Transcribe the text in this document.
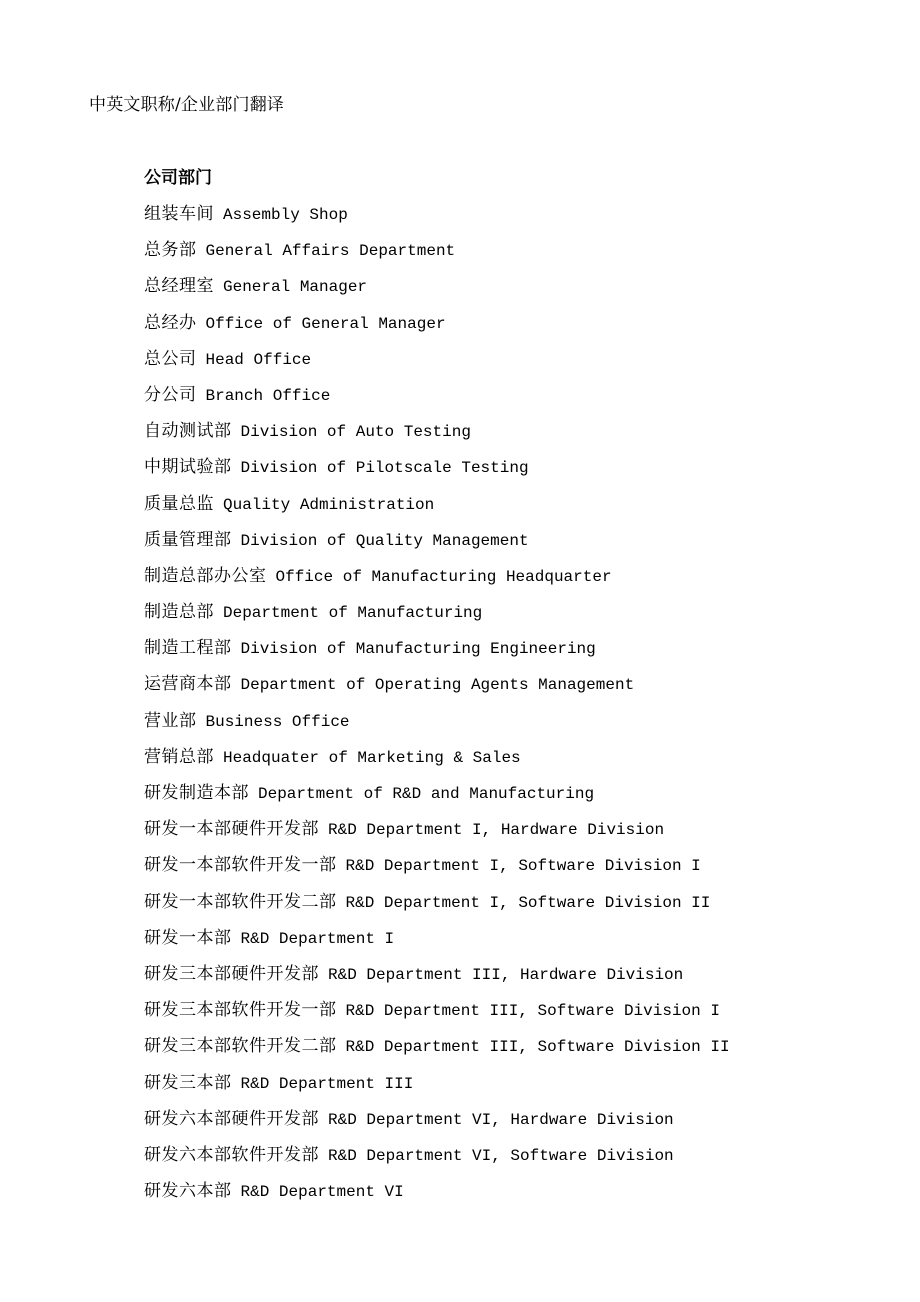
中英文职称/企业部门翻译
公司部门
组装车间 Assembly Shop
总务部 General Affairs Department
总经理室 General Manager
总经办 Office of General Manager
总公司 Head Office
分公司 Branch Office
自动测试部 Division of Auto Testing
中期试验部 Division of Pilotscale Testing
质量总监 Quality Administration
质量管理部 Division of Quality Management
制造总部办公室 Office of Manufacturing Headquarter
制造总部 Department of Manufacturing
制造工程部 Division of Manufacturing Engineering
运营商本部 Department of Operating Agents Management
营业部 Business Office
营销总部 Headquater of Marketing & Sales
研发制造本部 Department of R&D and Manufacturing
研发一本部硬件开发部 R&D Department I, Hardware Division
研发一本部软件开发一部 R&D Department I, Software Division I
研发一本部软件开发二部 R&D Department I, Software Division II
研发一本部 R&D Department I
研发三本部硬件开发部 R&D Department III, Hardware Division
研发三本部软件开发一部 R&D Department III, Software Division I
研发三本部软件开发二部 R&D Department III, Software Division II
研发三本部 R&D Department III
研发六本部硬件开发部 R&D Department VI, Hardware Division
研发六本部软件开发部 R&D Department VI, Software Division
研发六本部 R&D Department VI
